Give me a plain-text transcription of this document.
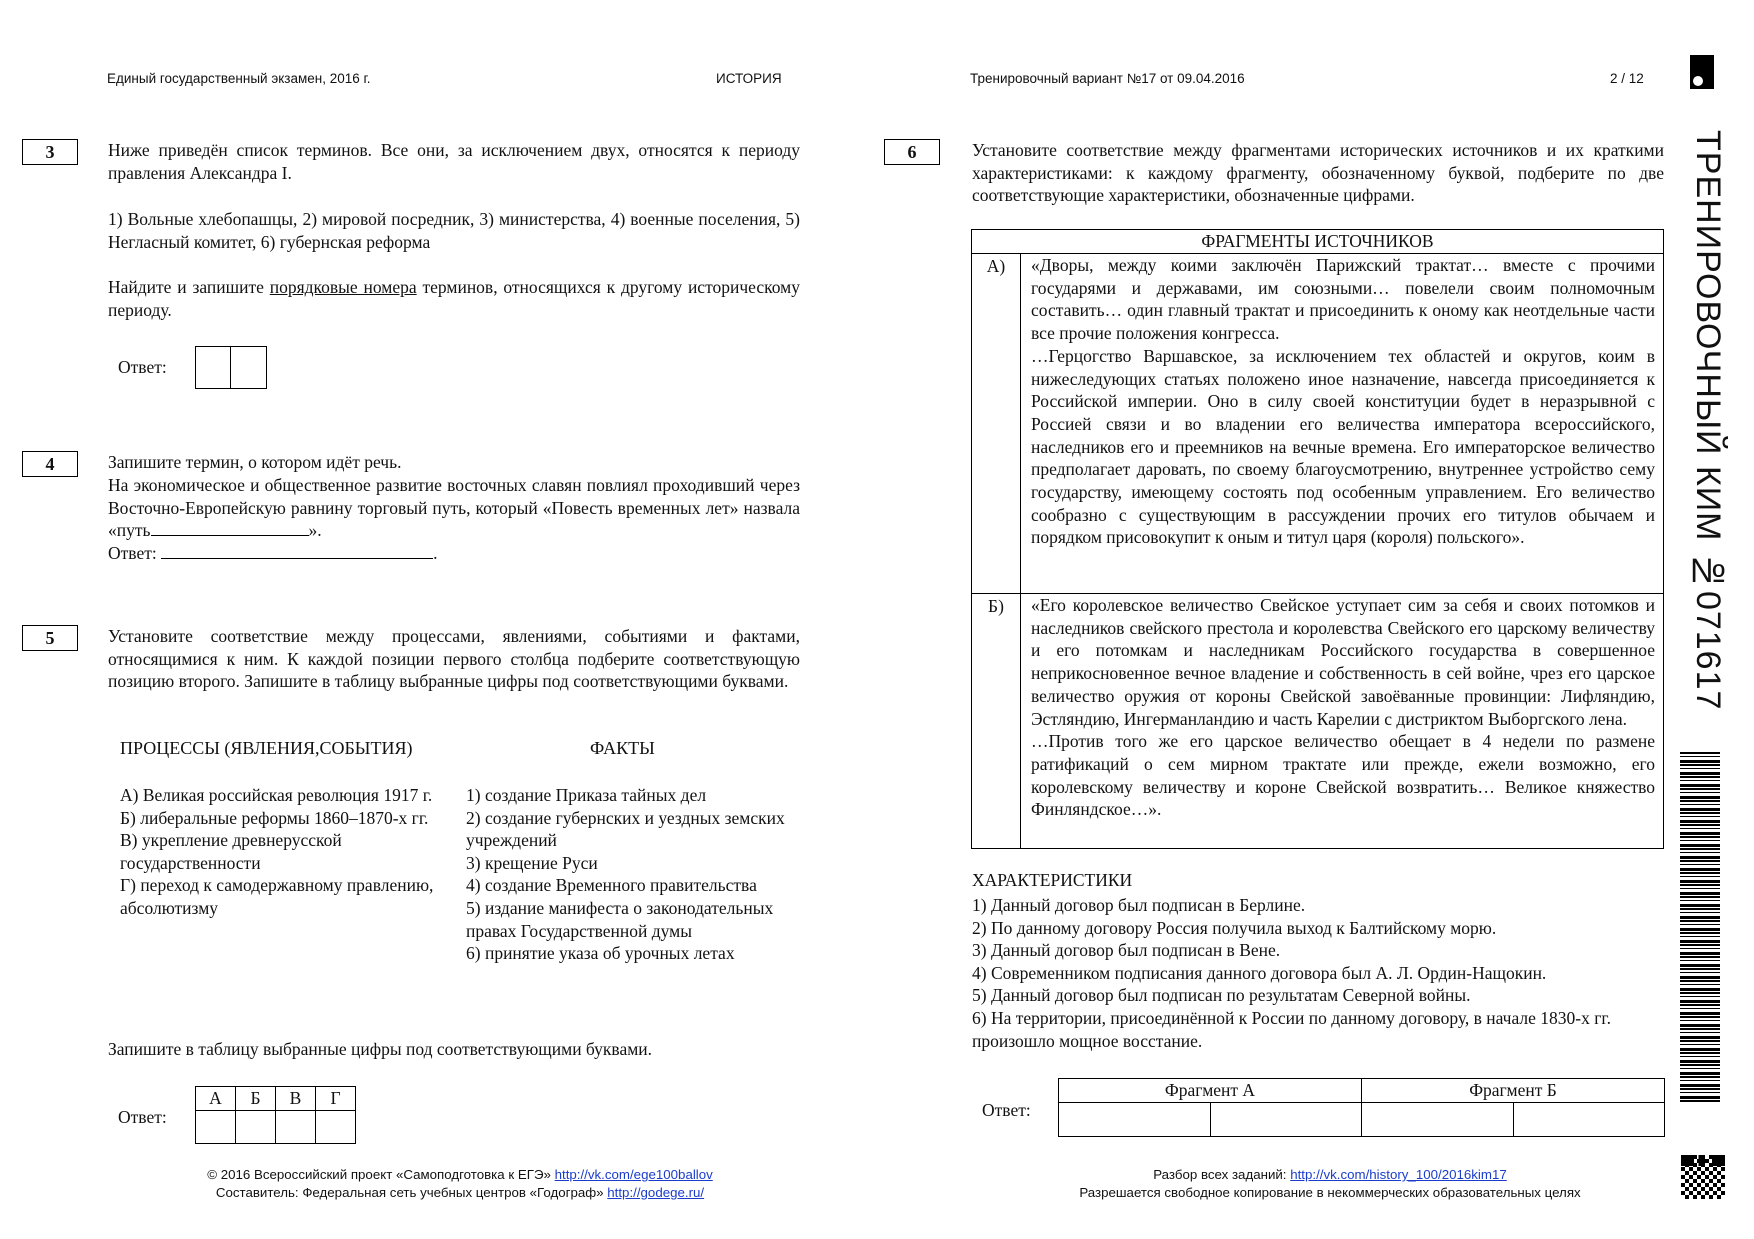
Единый государственный экзамен, 2016 г.	ИСТОРИЯ	Тренировочный вариант №17 от 09.04.2016	2 / 12
ТРЕНИРОВОЧНЫЙ КИМ №071617
3	Ниже приведён список терминов. Все они, за исключением двух, относятся к периоду правления Александра I.
1) Вольные хлебопашцы, 2) мировой посредник, 3) министерства, 4) военные поселения, 5) Негласный комитет, 6) губернская реформа
Найдите и запишите порядковые номера терминов, относящихся к другому историческому периоду.
Ответ:
4	Запишите термин, о котором идёт речь.
На экономическое и общественное развитие восточных славян повлиял проходивший через Восточно-Европейскую равнину торговый путь, который «Повесть временных лет» назвала «путь	».
Ответ:	.
5	Установите соответствие между процессами, явлениями, событиями и фактами, относящимися к ним. К каждой позиции первого столбца подберите соответствующую позицию второго. Запишите в таблицу выбранные цифры под соответствующими буквами.
ПРОЦЕССЫ (ЯВЛЕНИЯ,СОБЫТИЯ)	ФАКТЫ
А) Великая российская революция 1917 г.
Б) либеральные реформы 1860–1870-х гг.
В) укрепление древнерусской государственности
Г) переход к самодержавному правлению, абсолютизму
1) создание Приказа тайных дел
2) создание губернских и уездных земских учреждений
3) крещение Руси
4) создание Временного правительства
5) издание манифеста о законодательных правах Государственной думы
6) принятие указа об урочных летах
Запишите в таблицу выбранные цифры под соответствующими буквами.
Ответ:
А	Б	В	Г

6	Установите соответствие между фрагментами исторических источников и их краткими характеристиками: к каждому фрагменту, обозначенному буквой, подберите по две соответствующие характеристики, обозначенные цифрами.
ФРАГМЕНТЫ ИСТОЧНИКОВ	
А)	«Дворы, между коими заключён Парижский трактат… вместе с прочими государями и державами, им союзными… повелели своим полномочным составить… один главный трактат и присоединить к оному как неотдельные части все прочие положения конгресса.

…Герцогство Варшавское, за исключением тех областей и округов, коим в нижеследующих статьях положено иное назначение, навсегда присоединяется к Российской империи. Оно в силу своей конституции будет в неразрывной с Россией связи и во владении его величества императора всероссийского, наследников его и преемников на вечные времена. Его императорское величество предполагает даровать, по своему благоусмотрению, внутреннее устройство сему государству, имеющему состоять под особенным управлением. Его величество сообразно с существующим в рассуждении прочих его титулов обычаем и порядком присовокупит к оным и титул царя (короля) польского».

Б)	«Его королевское величество Свейское уступает сим за себя и своих потомков и наследников свейского престола и королевства Свейского его царскому величеству и его потомкам и наследникам Российского государства в совершенное неприкосновенное вечное владение и собственность в сей войне, чрез его царское величество оружия от короны Свейской завоёванные провинции: Лифляндию, Эстляндию, Ингерманландию и часть Карелии с дистриктом Выборгского лена.

…Против того же его царское величество обещает в 4 недели по размене ратификаций о сем мирном трактате или прежде, ежели возможно, его королевскому величеству и короне Свейской возвратить… Великое княжество Финляндское…».

ХАРАКТЕРИСТИКИ
1) Данный договор был подписан в Берлине.
2) По данному договору Россия получила выход к Балтийскому морю.
3) Данный договор был подписан в Вене.
4) Современником подписания данного договора был А. Л. Ордин-Нащокин.
5) Данный договор был подписан по результатам Северной войны.
6) На территории, присоединённой к России по данному договору, в начале 1830-х гг. произошло мощное восстание.
Ответ:
Фрагмент А		Фрагмент Б	

© 2016 Всероссийский проект «Самоподготовка к ЕГЭ» http://vk.com/ege100ballov
Составитель: Федеральная сеть учебных центров «Годограф» http://godege.ru/
Разбор всех заданий: http://vk.com/history_100/2016kim17
Разрешается свободное копирование в некоммерческих образовательных целях
